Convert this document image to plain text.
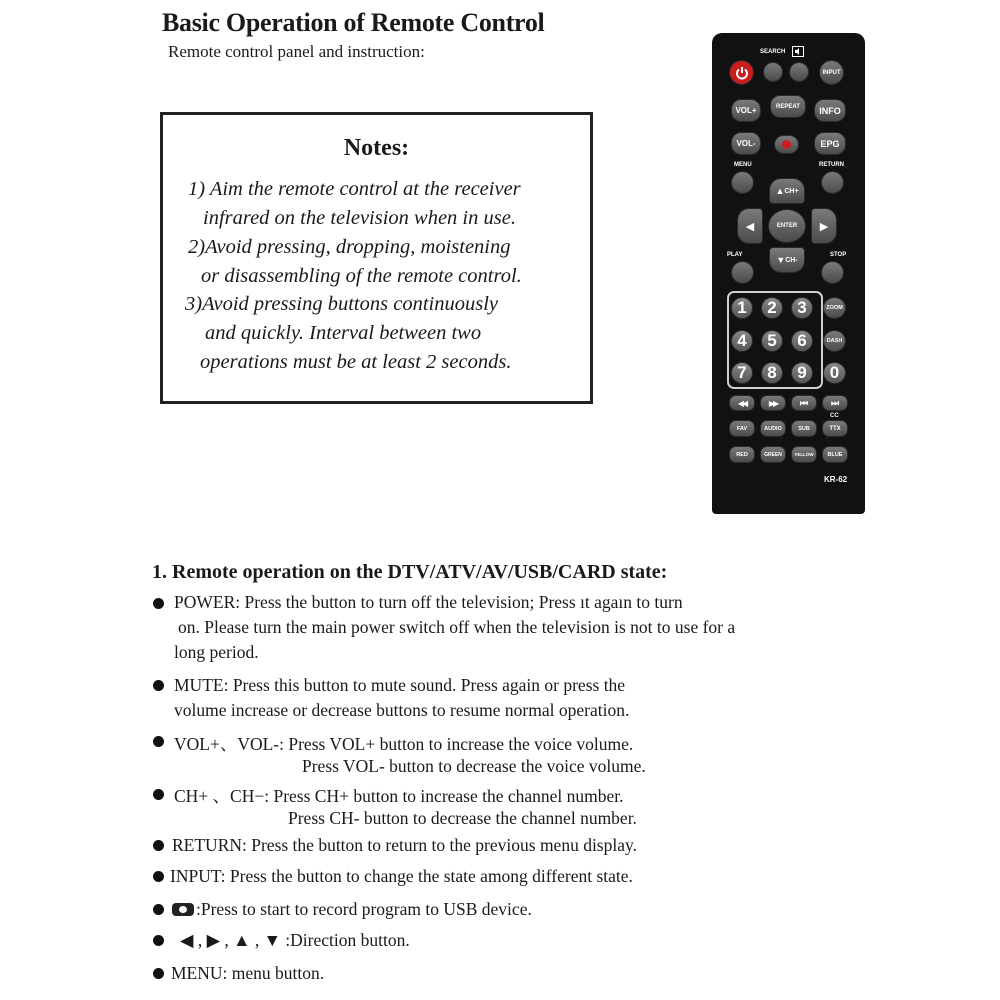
Basic Operation of Remote Control
Remote control panel and instruction:
Notes:
1) Aim the remote control at the receiver
infrared on the television when in use.
2)Avoid pressing, dropping, moistening
or disassembling of the remote control.
3)Avoid pressing buttons continuously
and quickly. Interval between two
operations must be at least 2 seconds.
SEARCH
INPUT
VOL+	REPEAT INFO
VOL-	EPG
MENU	RETURN
▲ CH+
◀	ENTER ▶
▼ CH-
PLAY	STOP
1 2 3	ZOOM
4 5 6	DASH
7 8 9 0
◀◀	▶▶	⏮	⏭
CC
FAV	AUDIO	SUB	TTX
RED	GREEN	YELLOW	BLUE
KR-62
1. Remote operation on the DTV/ATV/AV/USB/CARD state:
POWER: Press the button to turn off the television; Press ıt agaın to turn
on. Please turn the main power switch off when the television is not to use for a
long period.
MUTE: Press this button to mute sound. Press again or press the
volume increase or decrease buttons to resume normal operation.
VOL+、VOL-: Press VOL+ button to increase the voice volume.
Press VOL- button to decrease the voice volume.
CH+ 、CH−: Press CH+ button to increase the channel number.
Press CH- button to decrease the channel number.
RETURN: Press the button to return to the previous menu display.
INPUT: Press the button to change the state among different state.
:Press to start to record program to USB device.
◀ , ▶ , ▲ , ▼ :Direction button.
MENU: menu button.
